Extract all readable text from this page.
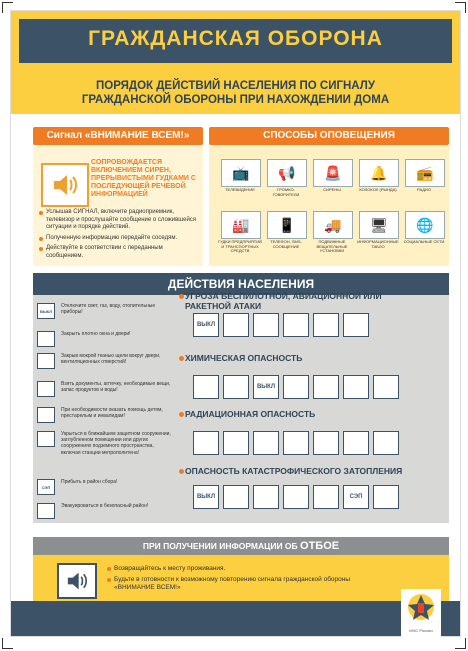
ГРАЖДАНСКАЯ ОБОРОНА
ПОРЯДОК ДЕЙСТВИЙ НАСЕЛЕНИЯ ПО СИГНАЛУ
ГРАЖДАНСКОЙ ОБОРОНЫ ПРИ НАХОЖДЕНИИ ДОМА
Сигнал «ВНИМАНИЕ ВСЕМ!»
СОПРОВОЖДАЕТСЯ ВКЛЮЧЕНИЕМ СИРЕН, ПРЕРЫВИСТЫМИ ГУДКАМИ С ПОСЛЕДУЮЩЕЙ РЕЧЕВОЙ ИНФОРМАЦИЕЙ
Услышав СИГНАЛ, включите радиоприемник, телевизор и прослушайте сообщение о сложившейся ситуации и порядке действий.
Полученную информацию передайте соседям.
Действуйте в соответствии с переданным сообщением.
СПОСОБЫ ОПОВЕЩЕНИЯ
📺
ТЕЛЕВИДЕНИЕ
📢
ГРОМКО-ГОВОРИТЕЛИ
🚨
СИРЕНЫ
🔔
КОЛОКОЛ (РЫНДА)
📻
РАДИО
🏭
ГУДКИ ПРЕДПРИЯТИЙ И ТРАНСПОРТНЫХ СРЕДСТВ
📱
ТЕЛЕФОН, SMS-СООБЩЕНИЕ
🚚
ПОДВИЖНЫЕ ВЕЩАТЕЛЬНЫЕ УСТАНОВКИ
🖥
ИНФОРМАЦИОННЫЕ ТАБЛО
🌐
СОЦИАЛЬНЫЕ СЕТИ
ДЕЙСТВИЯ НАСЕЛЕНИЯ
ВЫКЛ
Отключите свет, газ, воду, отопительные приборы!
Закрыть плотно окна и двери!
Закрыв мокрой тканью щели вокруг двери, вентиляционных отверстий!
Взять документы, аптечку, необходимые вещи, запас продуктов и воды!
При необходимости оказать помощь детям, престарелым и инвалидам!
Укрыться в ближайшем защитном сооружении, заглубленном помещении или других сооружениях подземного пространства, включая станции метрополитена!
СЭП
Прибыть в район сбора!
Эвакуироваться в безопасный район!
УГРОЗА БЕСПИЛОТНОЙ, АВИАЦИОННОЙ ИЛИ РАКЕТНОЙ АТАКИ
ВЫКЛ
ХИМИЧЕСКАЯ ОПАСНОСТЬ
ВЫКЛ
РАДИАЦИОННАЯ ОПАСНОСТЬ
ОПАСНОСТЬ КАТАСТРОФИЧЕСКОГО ЗАТОПЛЕНИЯ
ВЫКЛ	СЭП
ПРИ ПОЛУЧЕНИИ ИНФОРМАЦИИ ОБ ОТБОЕ
Возвращайтесь к месту проживания.
Будьте в готовности к возможному повторению сигнала гражданской обороны «ВНИМАНИЕ ВСЕМ!»
МЧС России
